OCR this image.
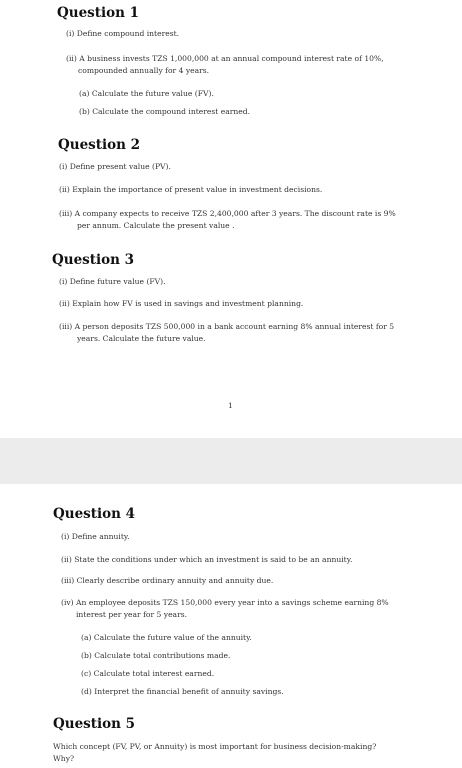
Question 1
(i) Define compound interest.
(ii) A business invests TZS 1,000,000 at an annual compound interest rate of 10%,
compounded annually for 4 years.
(a) Calculate the future value (FV).
(b) Calculate the compound interest earned.
Question 2
(i) Define present value (PV).
(ii) Explain the importance of present value in investment decisions.
(iii) A company expects to receive TZS 2,400,000 after 3 years. The discount rate is 9%
per annum. Calculate the present value .
Question 3
(i) Define future value (FV).
(ii) Explain how FV is used in savings and investment planning.
(iii) A person deposits TZS 500,000 in a bank account earning 8% annual interest for 5
years. Calculate the future value.
1
Question 4
(i) Define annuity.
(ii) State the conditions under which an investment is said to be an annuity.
(iii) Clearly describe ordinary annuity and annuity due.
(iv) An employee deposits TZS 150,000 every year into a savings scheme earning 8%
interest per year for 5 years.
(a) Calculate the future value of the annuity.
(b) Calculate total contributions made.
(c) Calculate total interest earned.
(d) Interpret the financial benefit of annuity savings.
Question 5
Which concept (FV, PV, or Annuity) is most important for business decision-making?
Why?
